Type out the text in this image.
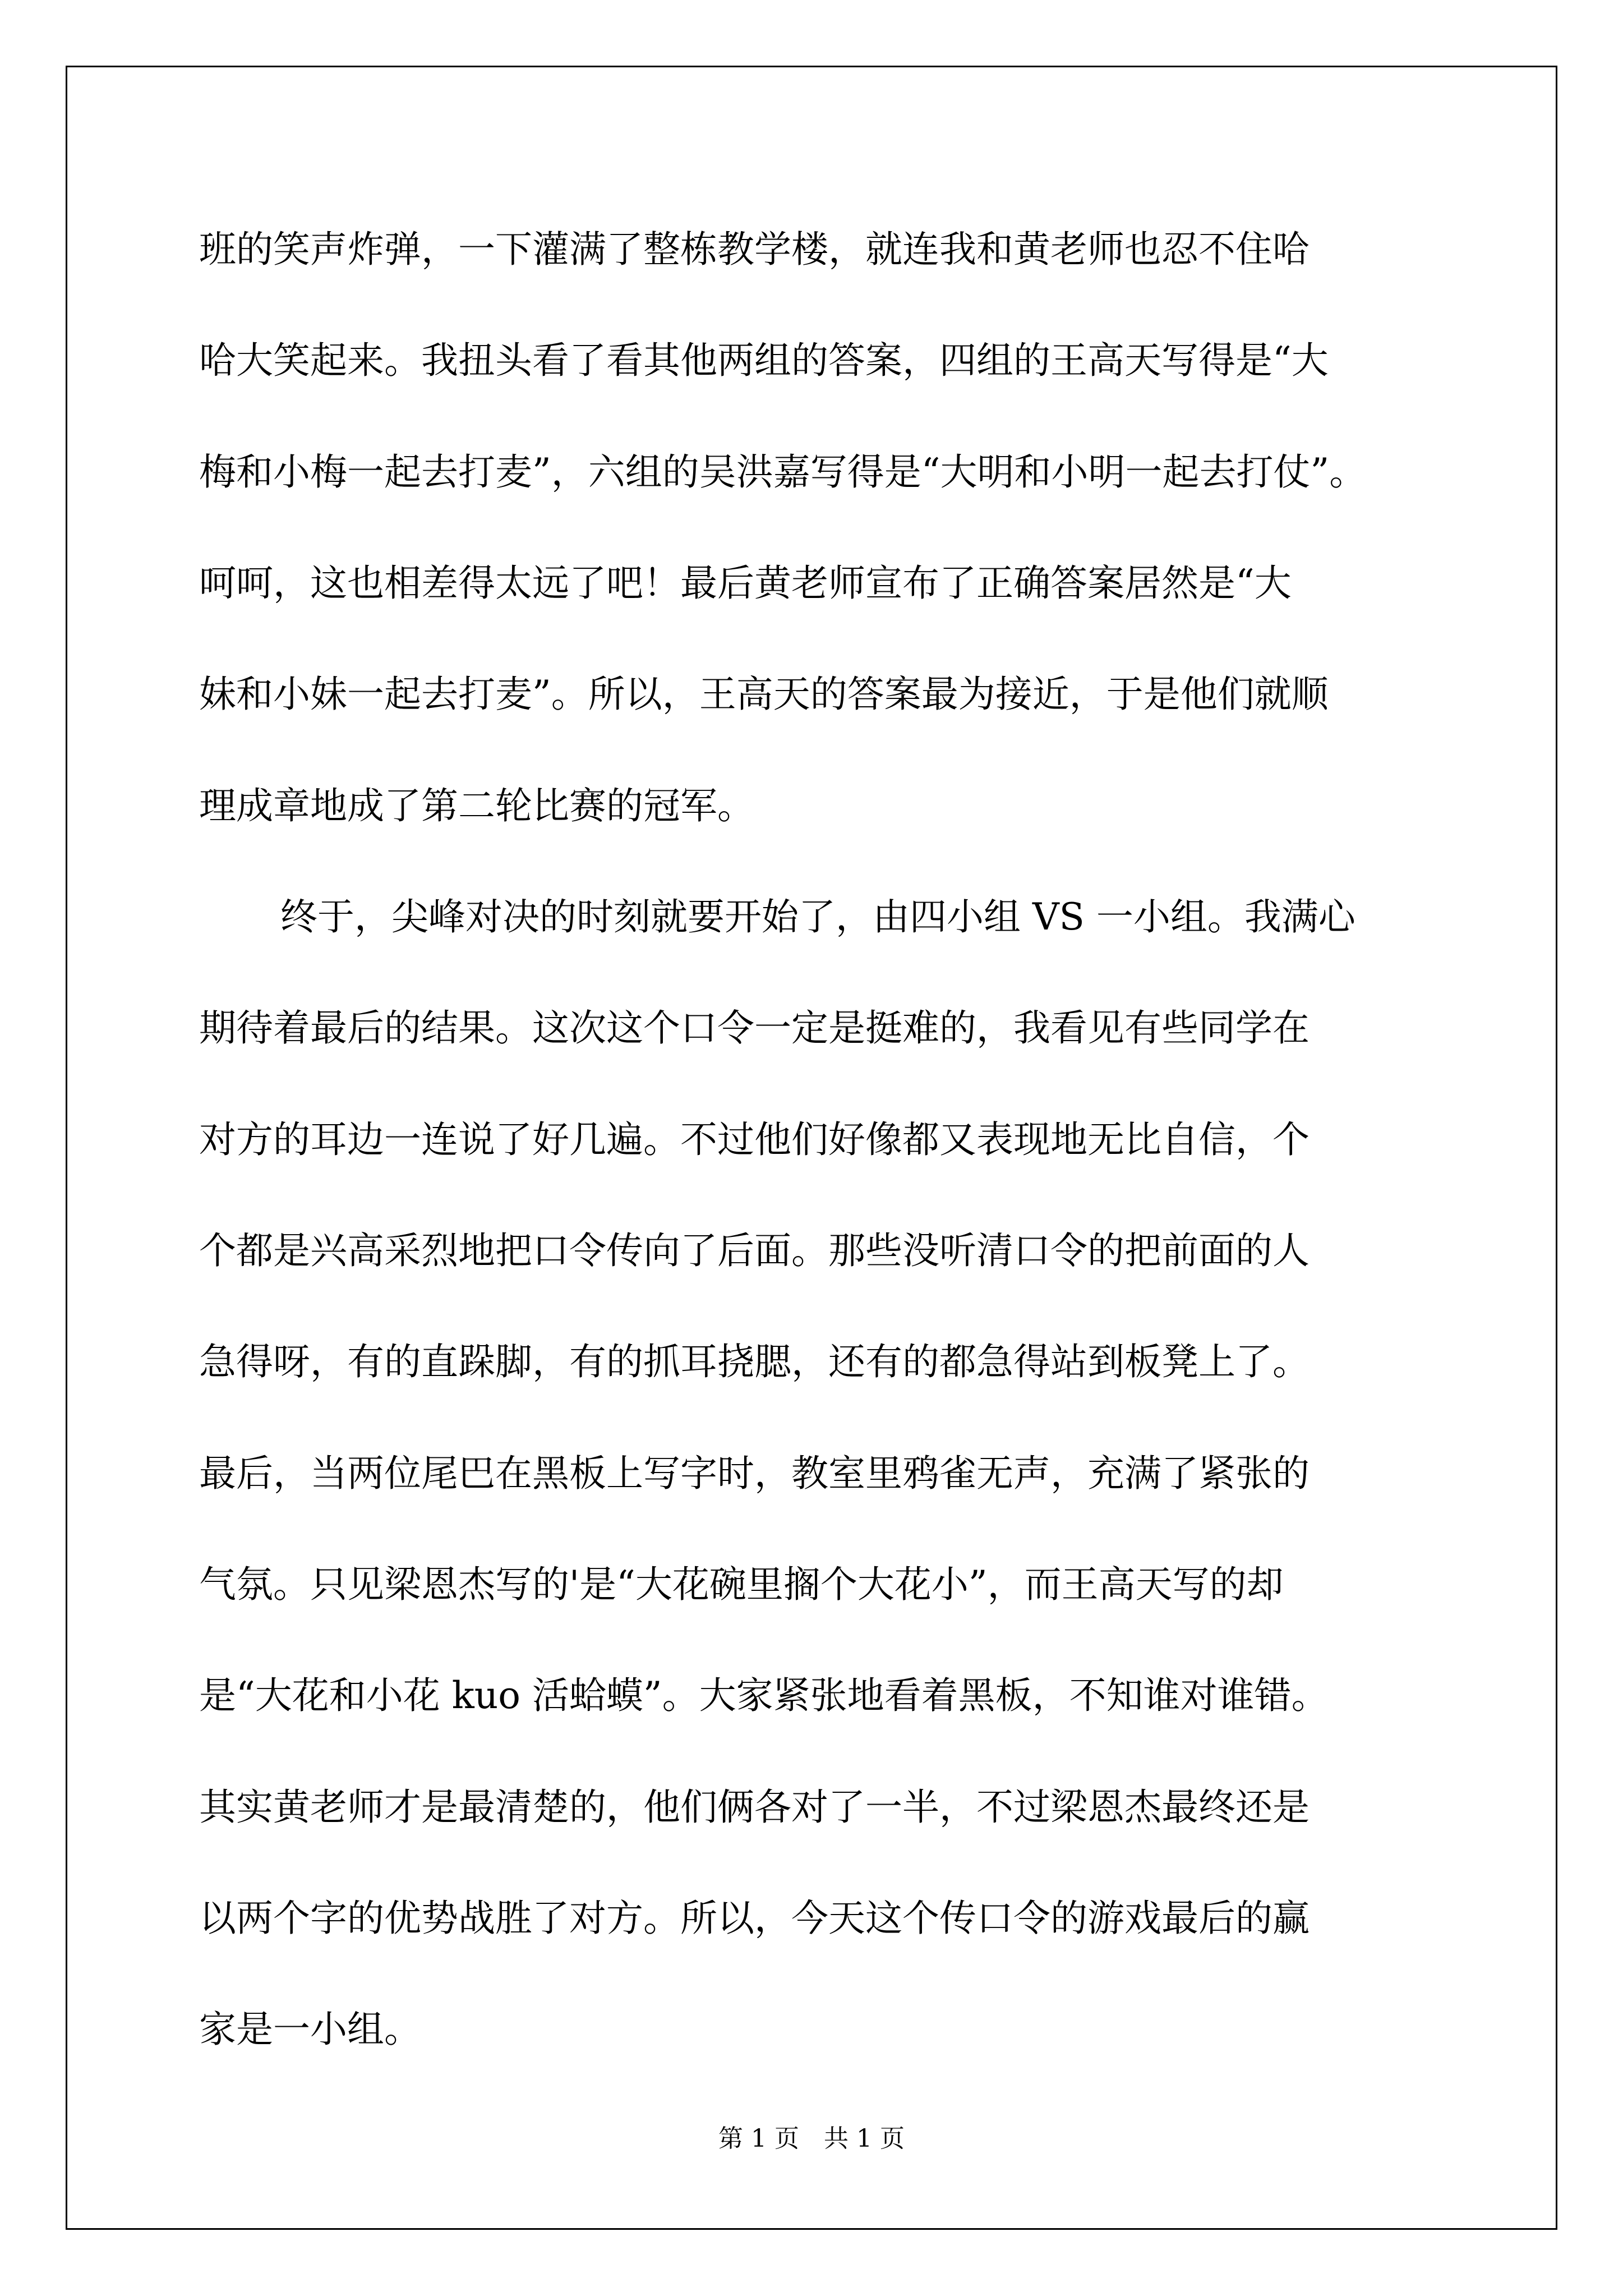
班的笑声炸弹，一下灌满了整栋教学楼，就连我和黄老师也忍不住哈
哈大笑起来。我扭头看了看其他两组的答案，四组的王高天写得是“大
梅和小梅一起去打麦”，六组的吴洪嘉写得是“大明和小明一起去打仗”。
呵呵，这也相差得太远了吧！最后黄老师宣布了正确答案居然是“大
妹和小妹一起去打麦”。所以，王高天的答案最为接近，于是他们就顺
理成章地成了第二轮比赛的冠军。
终于，尖峰对决的时刻就要开始了，由四小组 VS 一小组。我满心
期待着最后的结果。这次这个口令一定是挺难的，我看见有些同学在
对方的耳边一连说了好几遍。不过他们好像都又表现地无比自信，个
个都是兴高采烈地把口令传向了后面。那些没听清口令的把前面的人
急得呀，有的直跺脚，有的抓耳挠腮，还有的都急得站到板凳上了。
最后，当两位尾巴在黑板上写字时，教室里鸦雀无声，充满了紧张的
气氛。只见梁恩杰写的'是“大花碗里搁个大花小”，而王高天写的却
是“大花和小花 kuo 活蛤蟆”。大家紧张地看着黑板，不知谁对谁错。
其实黄老师才是最清楚的，他们俩各对了一半，不过梁恩杰最终还是
以两个字的优势战胜了对方。所以，今天这个传口令的游戏最后的赢
家是一小组。
第 1 页　共 1 页
